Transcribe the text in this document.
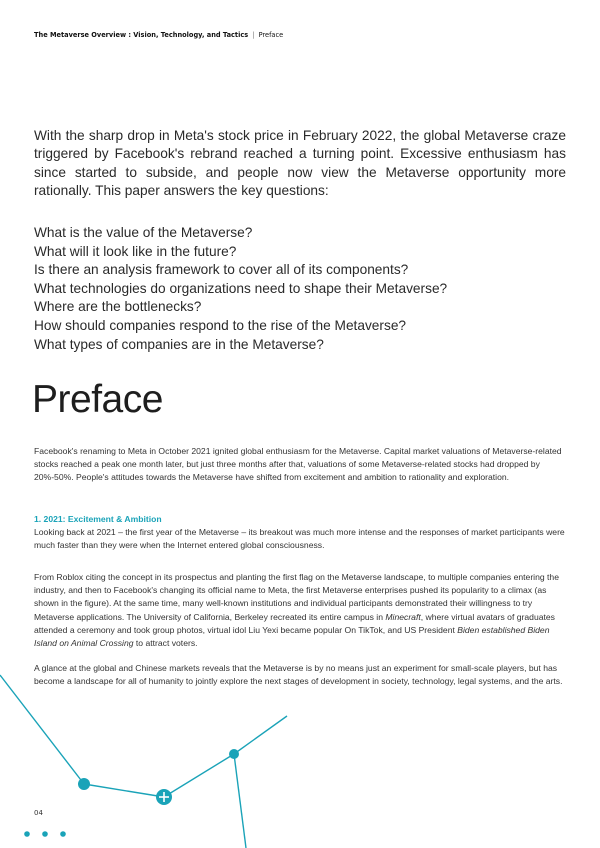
The Metaverse Overview : Vision, Technology, and Tactics | Preface

With the sharp drop in Meta's stock price in February 2022, the global Metaverse craze triggered by Facebook's rebrand reached a turning point. Excessive enthusiasm has since started to subside, and people now view the Metaverse opportunity more rationally. This paper answers the key questions:

What is the value of the Metaverse?
What will it look like in the future?
Is there an analysis framework to cover all of its components?
What technologies do organizations need to shape their Metaverse?
Where are the bottlenecks?
How should companies respond to the rise of the Metaverse?
What types of companies are in the Metaverse?
Preface

Facebook's renaming to Meta in October 2021 ignited global enthusiasm for the Metaverse. Capital market valuations of Metaverse-related stocks reached a peak one month later, but just three months after that, valuations of some Metaverse-related stocks had dropped by 20%-50%. People's attitudes towards the Metaverse have shifted from excitement and ambition to rationality and exploration.

1. 2021: Excitement & Ambition

Looking back at 2021 – the first year of the Metaverse – its breakout was much more intense and the responses of market participants were much faster than they were when the Internet entered global consciousness.

From Roblox citing the concept in its prospectus and planting the first flag on the Metaverse landscape, to multiple companies entering the industry, and then to Facebook's changing its official name to Meta, the first Metaverse enterprises pushed its popularity to a climax (as shown in the figure). At the same time, many well-known institutions and individual participants demonstrated their willingness to try Metaverse applications. The University of California, Berkeley recreated its entire campus in Minecraft, where virtual avatars of graduates attended a ceremony and took group photos, virtual idol Liu Yexi became popular On TikTok, and US President Biden established Biden Island on Animal Crossing to attract voters.

A glance at the global and Chinese markets reveals that the Metaverse is by no means just an experiment for small-scale players, but has become a landscape for all of humanity to jointly explore the next stages of development in society, technology, legal systems, and the arts.

04
